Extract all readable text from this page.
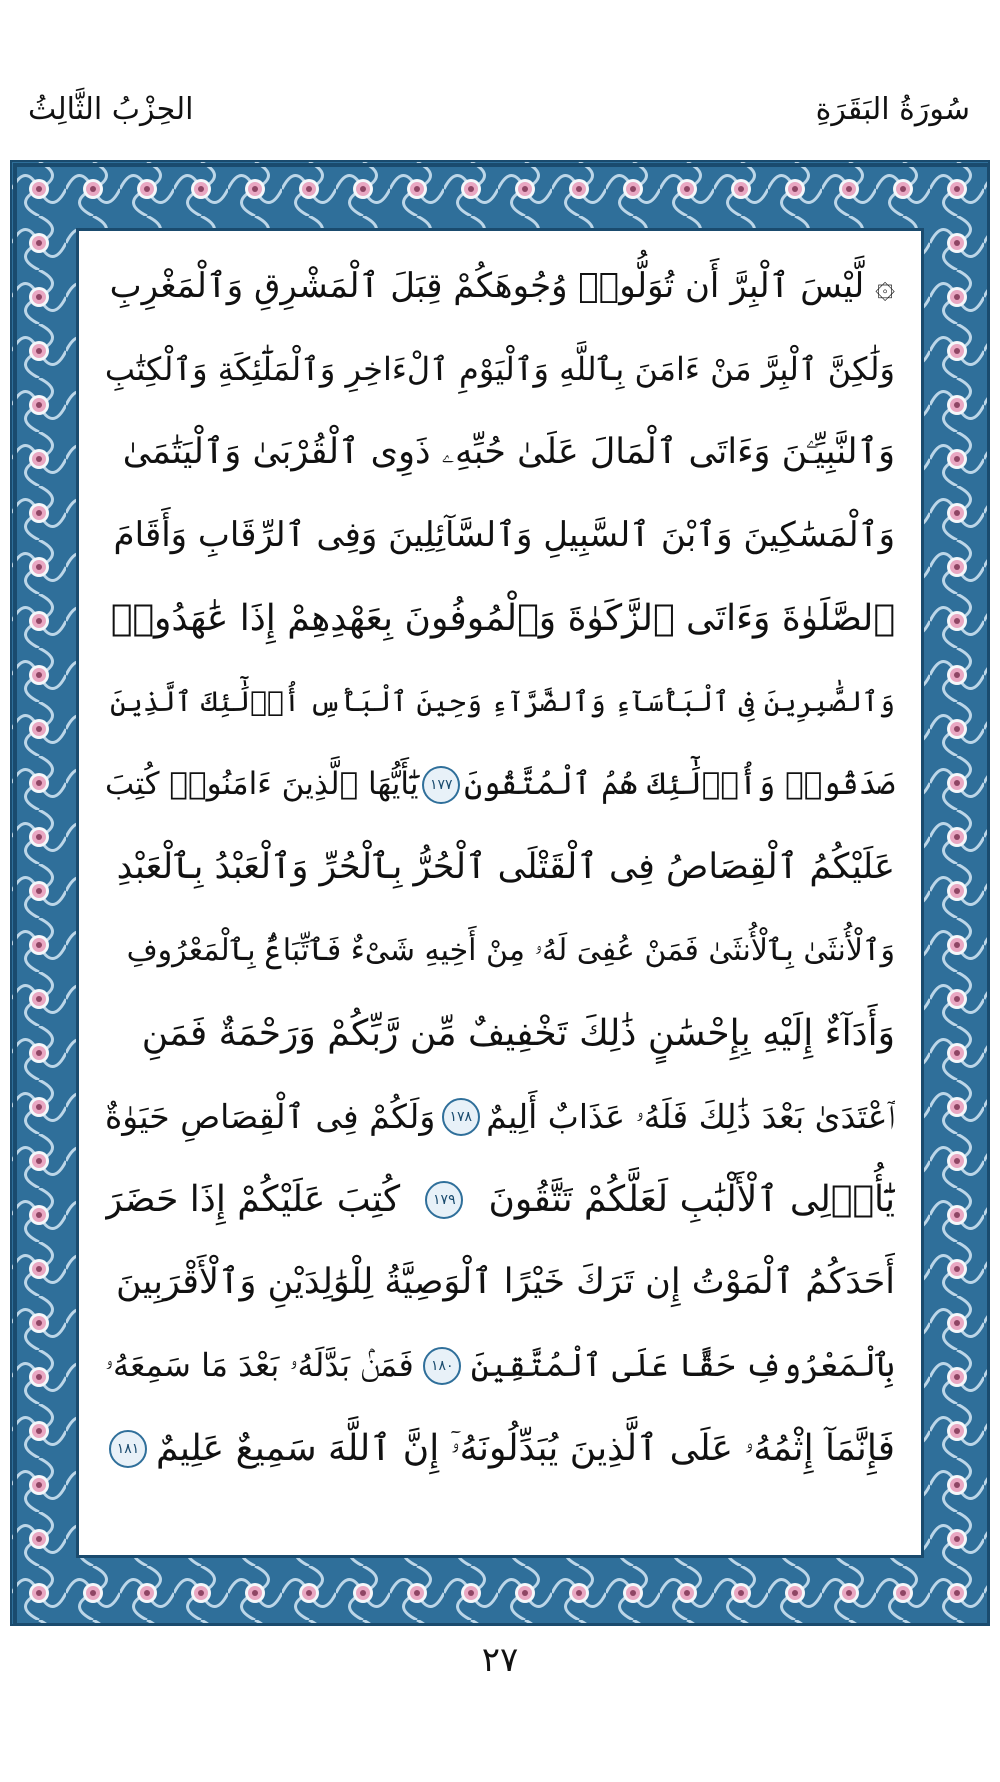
سُورَةُ البَقَرَةِ
الحِزْبُ الثَّالِثُ
۞ لَّيْسَ ٱلْبِرَّ أَن تُوَلُّوا۟ وُجُوهَكُمْ قِبَلَ ٱلْمَشْرِقِ وَٱلْمَغْرِبِ
وَلَٰكِنَّ ٱلْبِرَّ مَنْ ءَامَنَ بِٱللَّهِ وَٱلْيَوْمِ ٱلْءَاخِرِ وَٱلْمَلَٰٓئِكَةِ وَٱلْكِتَٰبِ
وَٱلنَّبِيِّـۧنَ وَءَاتَى ٱلْمَالَ عَلَىٰ حُبِّهِۦ ذَوِى ٱلْقُرْبَىٰ وَٱلْيَتَٰمَىٰ
وَٱلْمَسَٰكِينَ وَٱبْنَ ٱلسَّبِيلِ وَٱلسَّآئِلِينَ وَفِى ٱلرِّقَابِ وَأَقَامَ
ٱلصَّلَوٰةَ وَءَاتَى ٱلزَّكَوٰةَ وَٱلْمُوفُونَ بِعَهْدِهِمْ إِذَا عَٰهَدُوا۟
وَٱلصَّٰبِرِينَ فِى ٱلْبَأْسَآءِ وَٱلضَّرَّآءِ وَحِينَ ٱلْبَأْسِ أُو۟لَٰٓئِكَ ٱلَّذِينَ
صَدَقُوا۟ وَأُو۟لَٰٓئِكَ هُمُ ٱلْمُتَّقُونَ
١٧٧
يَٰٓأَيُّهَا ٱلَّذِينَ ءَامَنُوا۟ كُتِبَ
عَلَيْكُمُ ٱلْقِصَاصُ فِى ٱلْقَتْلَى ٱلْحُرُّ بِٱلْحُرِّ وَٱلْعَبْدُ بِٱلْعَبْدِ
وَٱلْأُنثَىٰ بِٱلْأُنثَىٰ فَمَنْ عُفِىَ لَهُۥ مِنْ أَخِيهِ شَىْءٌ فَٱتِّبَاعٌۢ بِٱلْمَعْرُوفِ
وَأَدَآءٌ إِلَيْهِ بِإِحْسَٰنٍ ذَٰلِكَ تَخْفِيفٌ مِّن رَّبِّكُمْ وَرَحْمَةٌ فَمَنِ
ٱعْتَدَىٰ بَعْدَ ذَٰلِكَ فَلَهُۥ عَذَابٌ أَلِيمٌ
١٧٨
وَلَكُمْ فِى ٱلْقِصَاصِ حَيَوٰةٌ
يَٰٓأُو۟لِى ٱلْأَلْبَٰبِ لَعَلَّكُمْ تَتَّقُونَ
١٧٩
كُتِبَ عَلَيْكُمْ إِذَا حَضَرَ
أَحَدَكُمُ ٱلْمَوْتُ إِن تَرَكَ خَيْرًا ٱلْوَصِيَّةُ لِلْوَٰلِدَيْنِ وَٱلْأَقْرَبِينَ
بِٱلْمَعْرُوفِ حَقًّا عَلَى ٱلْمُتَّقِينَ
١٨٠
فَمَنۢ بَدَّلَهُۥ بَعْدَ مَا سَمِعَهُۥ
فَإِنَّمَآ إِثْمُهُۥ عَلَى ٱلَّذِينَ يُبَدِّلُونَهُۥٓ إِنَّ ٱللَّهَ سَمِيعٌ عَلِيمٌ
١٨١
٢٧
